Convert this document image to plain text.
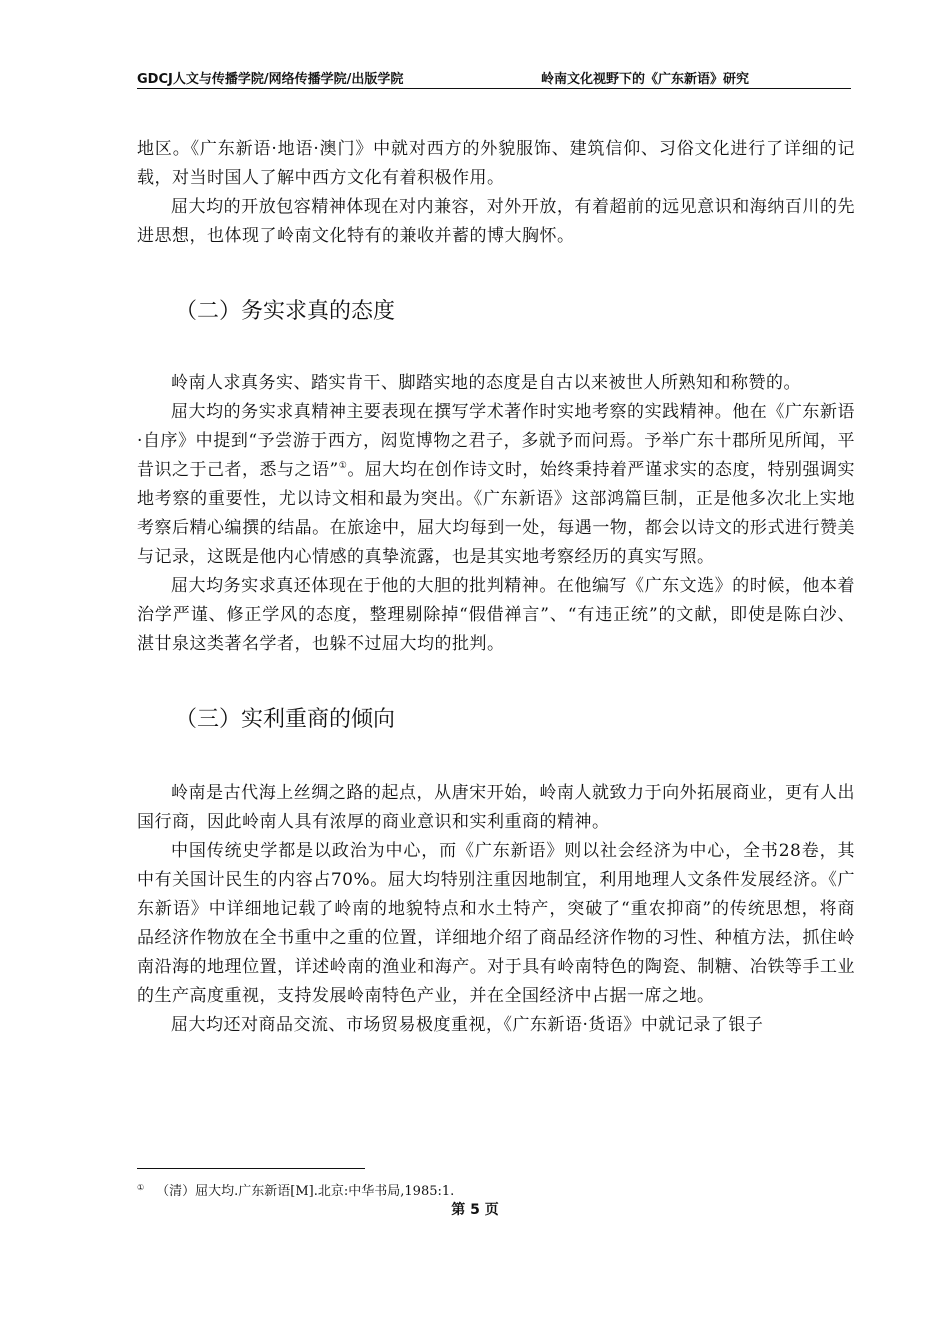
GDCJ人文与传播学院/网络传播学院/出版学院	岭南文化视野下的《广东新语》研究

地区。《广东新语·地语·澳门》中就对西方的外貌服饰、建筑信仰、习俗文化进行了详细的记载，对当时国人了解中西方文化有着积极作用。

屈大均的开放包容精神体现在对内兼容，对外开放，有着超前的远见意识和海纳百川的先进思想，也体现了岭南文化特有的兼收并蓄的博大胸怀。

（二）务实求真的态度

岭南人求真务实、踏实肯干、脚踏实地的态度是自古以来被世人所熟知和称赞的。

屈大均的务实求真精神主要表现在撰写学术著作时实地考察的实践精神。他在《广东新语·自序》中提到“予尝游于西方，闳览博物之君子，多就予而问焉。予举广东十郡所见所闻，平昔识之于己者，悉与之语”①。屈大均在创作诗文时，始终秉持着严谨求实的态度，特别强调实地考察的重要性，尤以诗文相和最为突出。《广东新语》这部鸿篇巨制，正是他多次北上实地考察后精心编撰的结晶。在旅途中，屈大均每到一处，每遇一物，都会以诗文的形式进行赞美与记录，这既是他内心情感的真挚流露，也是其实地考察经历的真实写照。

屈大均务实求真还体现在于他的大胆的批判精神。在他编写《广东文选》的时候，他本着治学严谨、修正学风的态度，整理剔除掉“假借禅言”、“有违正统”的文献，即使是陈白沙、湛甘泉这类著名学者，也躲不过屈大均的批判。

（三）实利重商的倾向

岭南是古代海上丝绸之路的起点，从唐宋开始，岭南人就致力于向外拓展商业，更有人出国行商，因此岭南人具有浓厚的商业意识和实利重商的精神。

中国传统史学都是以政治为中心，而《广东新语》则以社会经济为中心，全书28卷，其中有关国计民生的内容占70%。屈大均特别注重因地制宜，利用地理人文条件发展经济。《广东新语》中详细地记载了岭南的地貌特点和水土特产，突破了“重农抑商”的传统思想，将商品经济作物放在全书重中之重的位置，详细地介绍了商品经济作物的习性、种植方法，抓住岭南沿海的地理位置，详述岭南的渔业和海产。对于具有岭南特色的陶瓷、制糖、冶铁等手工业的生产高度重视，支持发展岭南特色产业，并在全国经济中占据一席之地。

屈大均还对商品交流、市场贸易极度重视，《广东新语·货语》中就记录了银子

① （清）屈大均.广东新语[M].北京:中华书局,1985:1.
第 5 页
